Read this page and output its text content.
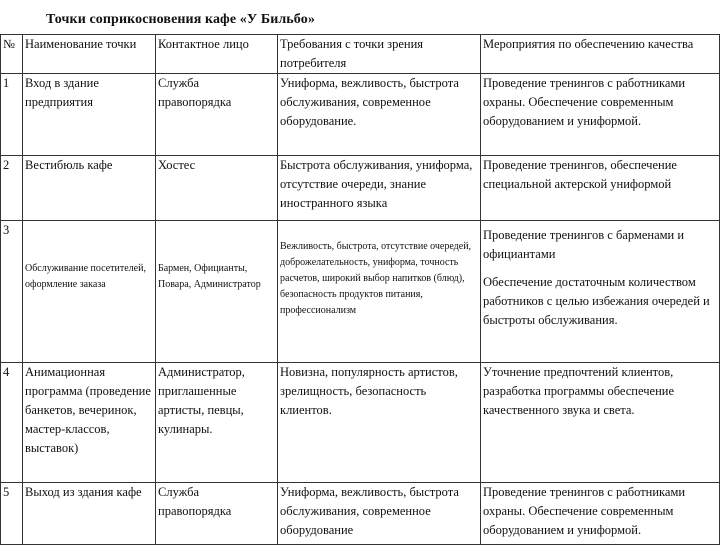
Точки соприкосновения кафе «У Бильбо»
№	Наименование точки	Контактное лицо	Требования с точки зрения потребителя	Мероприятия по обеспечению качества
1	Вход в здание предприятия	Служба правопорядка	Униформа, вежливость, быстрота обслуживания, современное оборудование.	Проведение тренингов с работниками охраны. Обеспечение современным оборудованием и униформой.
2	Вестибюль кафе	Хостес	Быстрота обслуживания, униформа, отсутствие очереди, знание иностранного языка	Проведение тренингов, обеспечение специальной актерской униформой
3	Обслуживание посетителей, оформление заказа	Бармен, Официанты, Повара, Администратор	Вежливость, быстрота, отсутствие очередей, доброжелательность, униформа, точность расчетов, широкий выбор напитков (блюд), безопасность продуктов питания, профессионализм	Проведение тренингов с барменами и официантами
Обеспечение достаточным количеством работников с целью избежания очередей и быстроты обслуживания.
4	Анимационная программа (проведение банкетов, вечеринок, мастер-классов, выставок)	Администратор, приглашенные артисты, певцы, кулинары.	Новизна, популярность артистов, зрелищность, безопасность клиентов.	Уточнение предпочтений клиентов, разработка программы обеспечение качественного звука и света.
5	Выход из здания кафе	Служба правопорядка	Униформа, вежливость, быстрота обслуживания, современное оборудование	Проведение тренингов с работниками охраны. Обеспечение современным оборудованием и униформой.
